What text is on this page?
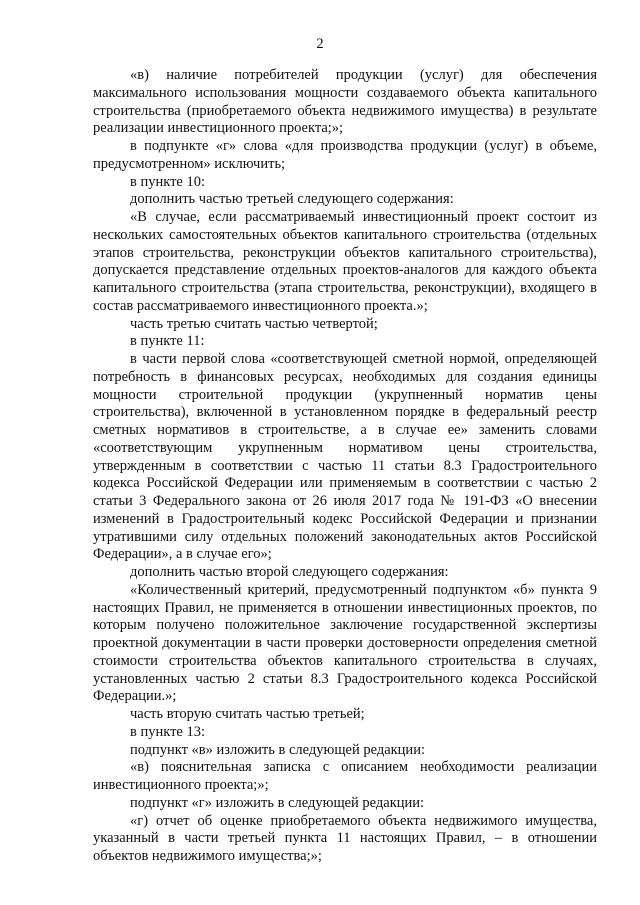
2

«в) наличие потребителей продукции (услуг) для обеспечения максимального использования мощности создаваемого объекта капитального строительства (приобретаемого объекта недвижимого имущества) в результате реализации инвестиционного проекта;»;

в подпункте «г» слова «для производства продукции (услуг) в объеме, предусмотренном» исключить;

в пункте 10:

дополнить частью третьей следующего содержания:

«В случае, если рассматриваемый инвестиционный проект состоит из нескольких самостоятельных объектов капитального строительства (отдельных этапов строительства, реконструкции объектов капитального строительства), допускается представление отдельных проектов-аналогов для каждого объекта капитального строительства (этапа строительства, реконструкции), входящего в состав рассматриваемого инвестиционного проекта.»;

часть третью считать частью четвертой;

в пункте 11:

в части первой слова «соответствующей сметной нормой, определяющей потребность в финансовых ресурсах, необходимых для создания единицы мощности строительной продукции (укрупненный норматив цены строительства), включенной в установленном порядке в федеральный реестр сметных нормативов в строительстве, а в случае ее» заменить словами «соответствующим укрупненным нормативом цены строительства, утвержденным в соответствии с частью 11 статьи 8.3 Градостроительного кодекса Российской Федерации или применяемым в соответствии с частью 2 статьи 3 Федерального закона от 26 июля 2017 года № 191-ФЗ «О внесении изменений в Градостроительный кодекс Российской Федерации и признании утратившими силу отдельных положений законодательных актов Российской Федерации», а в случае его»;

дополнить частью второй следующего содержания:

«Количественный критерий, предусмотренный подпунктом «б» пункта 9 настоящих Правил, не применяется в отношении инвестиционных проектов, по которым получено положительное заключение государственной экспертизы проектной документации в части проверки достоверности определения сметной стоимости строительства объектов капитального строительства в случаях, установленных частью 2 статьи 8.3 Градостроительного кодекса Российской Федерации.»;

часть вторую считать частью третьей;

в пункте 13:

подпункт «в» изложить в следующей редакции:

«в) пояснительная записка с описанием необходимости реализации инвестиционного проекта;»;

подпункт «г» изложить в следующей редакции:

«г) отчет об оценке приобретаемого объекта недвижимого имущества, указанный в части третьей пункта 11 настоящих Правил, – в отношении объектов недвижимого имущества;»;
